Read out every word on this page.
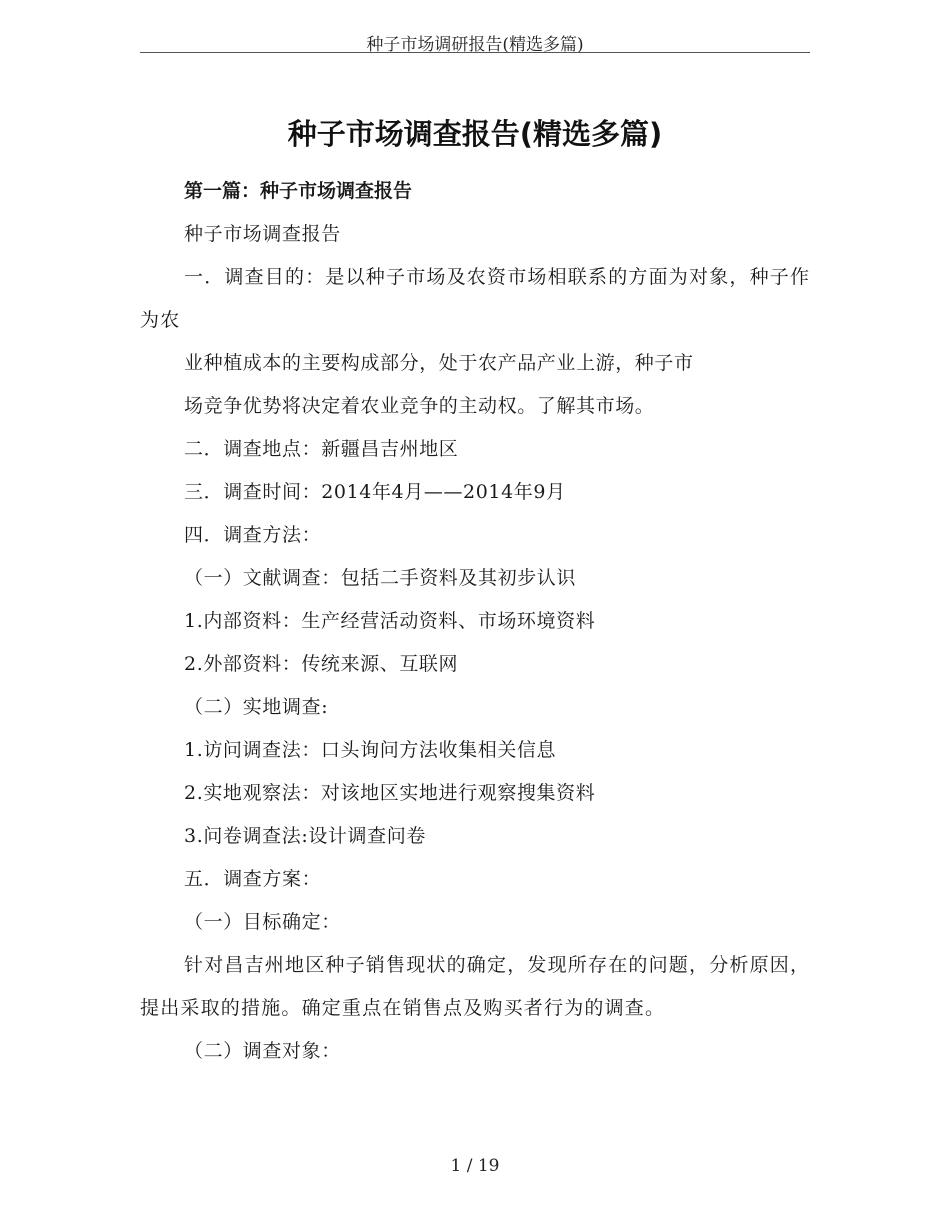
种子市场调研报告(精选多篇)
种子市场调查报告(精选多篇)

第一篇：种子市场调查报告

种子市场调查报告

一．调查目的：是以种子市场及农资市场相联系的方面为对象，种子作为农

业种植成本的主要构成部分，处于农产品产业上游，种子市

场竞争优势将决定着农业竞争的主动权。了解其市场。

二．调查地点：新疆昌吉州地区

三．调查时间：2014年4月——2014年9月

四．调查方法：

（一）文献调查：包括二手资料及其初步认识

1.内部资料：生产经营活动资料、市场环境资料

2.外部资料：传统来源、互联网

（二）实地调查:

1.访问调查法：口头询问方法收集相关信息

2.实地观察法：对该地区实地进行观察搜集资料

3.问卷调查法:设计调查问卷

五．调查方案：

（一）目标确定：

针对昌吉州地区种子销售现状的确定，发现所存在的问题，分析原因，提出采取的措施。确定重点在销售点及购买者行为的调查。

（二）调查对象：

1 / 19
